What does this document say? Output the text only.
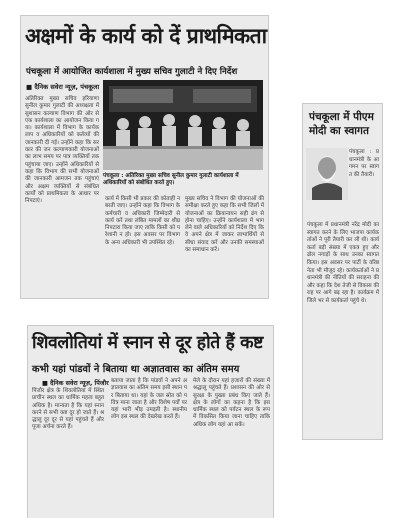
अक्षमों के कार्य को दें प्राथमिकता
पंचकूला में आयोजित कार्यशाला में मुख्य सचिव गुलाटी ने दिए निर्देश
■ दैनिक सवेरा न्यूज़, पंचकूला
पंचकूला : अतिरिक्त मुख्य सचिव सुनील कुमार गुलाटी कार्यशाला में अधिकारियों को संबोधित करते हुए।

अतिरिक्त मुख्य सचिव हरियाणा सुनील कुमार गुलाटी की अध्यक्षता में सुशासन कल्याण विभाग की ओर से एक कार्यशाला का आयोजन किया गया। कार्यशाला में विभाग के कार्यकलाप व अधिकारियों को कर्तव्यों की जानकारी दी गई। उन्होंने कहा कि सरकार की जन कल्याणकारी योजनाओं का लाभ समय पर पात्र व्यक्तियों तक पहुंचाया जाए। उन्होंने अधिकारियों से कहा कि विभाग की सभी योजनाओं की जानकारी आमजन तक पहुंचाएं और अक्षम व्यक्तियों से संबंधित कार्यों को प्राथमिकता के आधार पर निपटाएं।	कार्य में किसी भी प्रकार की कोताही न बरती जाए। उन्होंने कहा कि विभाग के कर्मचारी व अधिकारी जिम्मेदारी से कार्य करें तथा लंबित मामलों का शीघ्र निपटारा किया जाए ताकि किसी को परेशानी न हो। इस अवसर पर विभाग के अन्य अधिकारी भी उपस्थित रहे।

मुख्य सचिव ने विभाग की योजनाओं की समीक्षा करते हुए कहा कि सभी जिलों में योजनाओं का क्रियान्वयन सही ढंग से होना चाहिए। उन्होंने कार्यशाला में भाग लेने वाले अधिकारियों को निर्देश दिए कि वे अपने क्षेत्र में जाकर लाभार्थियों से सीधा संवाद करें और उनकी समस्याओं का समाधान करें।

पंचकूला में पीएम मोदी का स्वागत

पंचकूला : प्रधानमंत्री के आगमन पर स्वागत की तैयारी।

पंचकूला में प्रधानमंत्री नरेंद्र मोदी का स्वागत करने के लिए भाजपा कार्यकर्ताओं ने पूरी तैयारी कर ली थी। कार्यकर्ता बड़ी संख्या में एकत्र हुए और ढोल नगाड़ों के साथ उनका स्वागत किया। इस अवसर पर पार्टी के वरिष्ठ नेता भी मौजूद रहे। कार्यकर्ताओं ने प्रधानमंत्री की नीतियों की सराहना की और कहा कि देश तेजी से विकास की राह पर आगे बढ़ रहा है। कार्यक्रम में जिले भर से कार्यकर्ता पहुंचे थे।

शिवलोतियां में स्नान से दूर होते हैं कष्ट
कभी यहां पांडवों ने बिताया था अज्ञातवास का अंतिम समय
■ दैनिक सवेरा न्यूज़, पिंजौर

पिंजौर क्षेत्र के शिवलोतियां में स्थित प्राचीन स्थल का धार्मिक महत्व बहुत अधिक है। मान्यता है कि यहां स्नान करने से सभी कष्ट दूर हो जाते हैं। श्रद्धालु दूर दूर से यहां पहुंचते हैं और पूजा अर्चना करते हैं।

बताया जाता है कि पांडवों ने अपने अज्ञातवास का अंतिम समय इसी स्थान पर बिताया था। यहां के जल स्रोत को पवित्र माना जाता है और विशेष पर्वों पर यहां भारी भीड़ उमड़ती है। स्थानीय लोग इस स्थल की देखरेख करते हैं।

मेले के दौरान यहां हजारों की संख्या में श्रद्धालु पहुंचते हैं। प्रशासन की ओर से सुरक्षा के पुख्ता प्रबंध किए जाते हैं। क्षेत्र के लोगों का कहना है कि इस धार्मिक स्थल को पर्यटन स्थल के रूप में विकसित किया जाना चाहिए ताकि अधिक लोग यहां आ सकें।
